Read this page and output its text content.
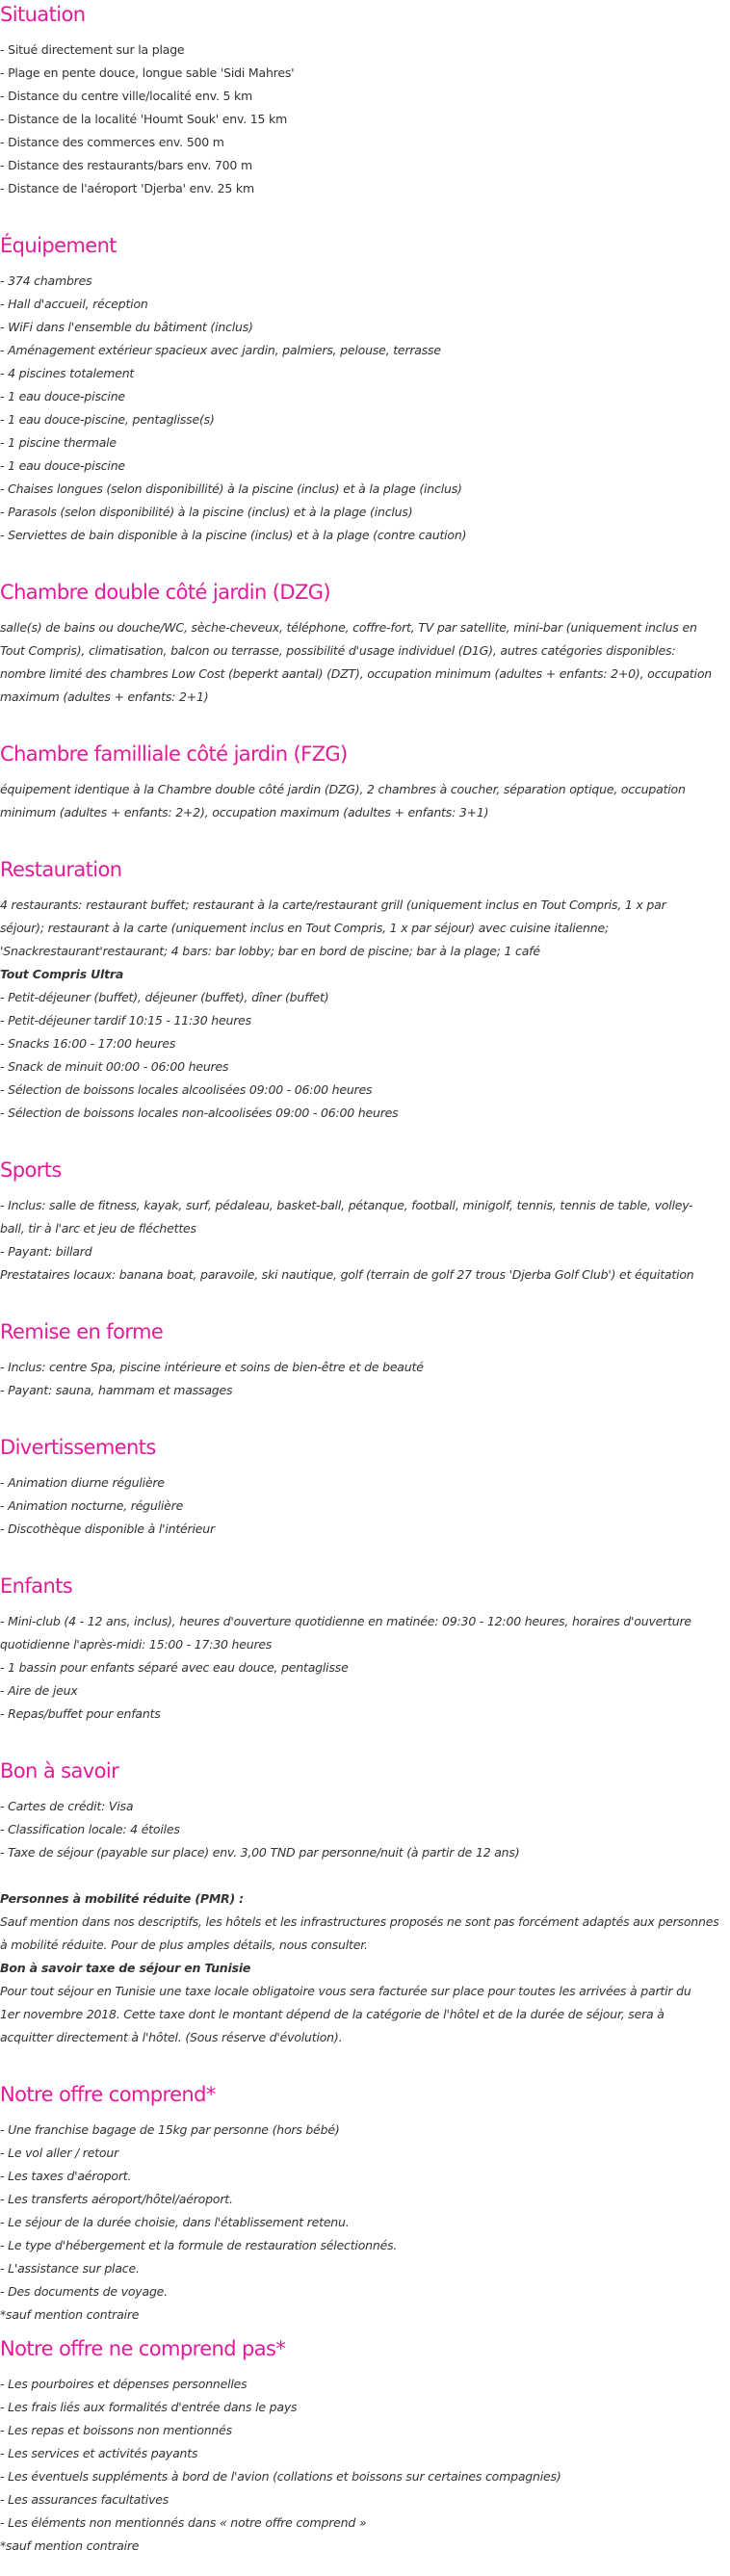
Situation
- Situé directement sur la plage
- Plage en pente douce, longue sable 'Sidi Mahres'
- Distance du centre ville/localité env. 5 km
- Distance de la localité 'Houmt Souk' env. 15 km
- Distance des commerces env. 500 m
- Distance des restaurants/bars env. 700 m
- Distance de l'aéroport 'Djerba' env. 25 km
Équipement
- 374 chambres
- Hall d'accueil, réception
- WiFi dans l'ensemble du bâtiment (inclus)
- Aménagement extérieur spacieux avec jardin, palmiers, pelouse, terrasse
- 4 piscines totalement
- 1 eau douce-piscine
- 1 eau douce-piscine, pentaglisse(s)
- 1 piscine thermale
- 1 eau douce-piscine
- Chaises longues (selon disponibillité) à la piscine (inclus) et à la plage (inclus)
- Parasols (selon disponibilité) à la piscine (inclus) et à la plage (inclus)
- Serviettes de bain disponible à la piscine (inclus) et à la plage (contre caution)
Chambre double côté jardin (DZG)
salle(s) de bains ou douche/WC, sèche-cheveux, téléphone, coffre-fort, TV par satellite, mini-bar (uniquement inclus en
Tout Compris), climatisation, balcon ou terrasse, possibilité d'usage individuel (D1G), autres catégories disponibles:
nombre limité des chambres Low Cost (beperkt aantal) (DZT), occupation minimum (adultes + enfants: 2+0), occupation
maximum (adultes + enfants: 2+1)
Chambre familliale côté jardin (FZG)
équipement identique à la Chambre double côté jardin (DZG), 2 chambres à coucher, séparation optique, occupation
minimum (adultes + enfants: 2+2), occupation maximum (adultes + enfants: 3+1)
Restauration
4 restaurants: restaurant buffet; restaurant à la carte/restaurant grill (uniquement inclus en Tout Compris, 1 x par
séjour); restaurant à la carte (uniquement inclus en Tout Compris, 1 x par séjour) avec cuisine italienne;
'Snackrestaurant'restaurant; 4 bars: bar lobby; bar en bord de piscine; bar à la plage; 1 café
Tout Compris Ultra
- Petit-déjeuner (buffet), déjeuner (buffet), dîner (buffet)
- Petit-déjeuner tardif 10:15 - 11:30 heures
- Snacks 16:00 - 17:00 heures
- Snack de minuit 00:00 - 06:00 heures
- Sélection de boissons locales alcoolisées 09:00 - 06:00 heures
- Sélection de boissons locales non-alcoolisées 09:00 - 06:00 heures
Sports
- Inclus: salle de fitness, kayak, surf, pédaleau, basket-ball, pétanque, football, minigolf, tennis, tennis de table, volley-
ball, tir à l'arc et jeu de fléchettes
- Payant: billard
Prestataires locaux: banana boat, paravoile, ski nautique, golf (terrain de golf 27 trous 'Djerba Golf Club') et équitation
Remise en forme
- Inclus: centre Spa, piscine intérieure et soins de bien-être et de beauté
- Payant: sauna, hammam et massages
Divertissements
- Animation diurne régulière
- Animation nocturne, régulière
- Discothèque disponible à l'intérieur
Enfants
- Mini-club (4 - 12 ans, inclus), heures d'ouverture quotidienne en matinée: 09:30 - 12:00 heures, horaires d'ouverture
quotidienne l'après-midi: 15:00 - 17:30 heures
- 1 bassin pour enfants séparé avec eau douce, pentaglisse
- Aire de jeux
- Repas/buffet pour enfants
Bon à savoir
- Cartes de crédit: Visa
- Classification locale: 4 étoiles
- Taxe de séjour (payable sur place) env. 3,00 TND par personne/nuit (à partir de 12 ans)
Personnes à mobilité réduite (PMR) :
Sauf mention dans nos descriptifs, les hôtels et les infrastructures proposés ne sont pas forcément adaptés aux personnes
à mobilité réduite. Pour de plus amples détails, nous consulter.
Bon à savoir taxe de séjour en Tunisie
Pour tout séjour en Tunisie une taxe locale obligatoire vous sera facturée sur place pour toutes les arrivées à partir du
1er novembre 2018. Cette taxe dont le montant dépend de la catégorie de l'hôtel et de la durée de séjour, sera à
acquitter directement à l'hôtel. (Sous réserve d'évolution).
Notre offre comprend*
- Une franchise bagage de 15kg par personne (hors bébé)
- Le vol aller / retour
- Les taxes d'aéroport.
- Les transferts aéroport/hôtel/aéroport.
- Le séjour de la durée choisie, dans l'établissement retenu.
- Le type d'hébergement et la formule de restauration sélectionnés.
- L'assistance sur place.
- Des documents de voyage.
*sauf mention contraire
Notre offre ne comprend pas*
- Les pourboires et dépenses personnelles
- Les frais liés aux formalités d'entrée dans le pays
- Les repas et boissons non mentionnés
- Les services et activités payants
- Les éventuels suppléments à bord de l'avion (collations et boissons sur certaines compagnies)
- Les assurances facultatives
- Les éléments non mentionnés dans « notre offre comprend »
*sauf mention contraire
